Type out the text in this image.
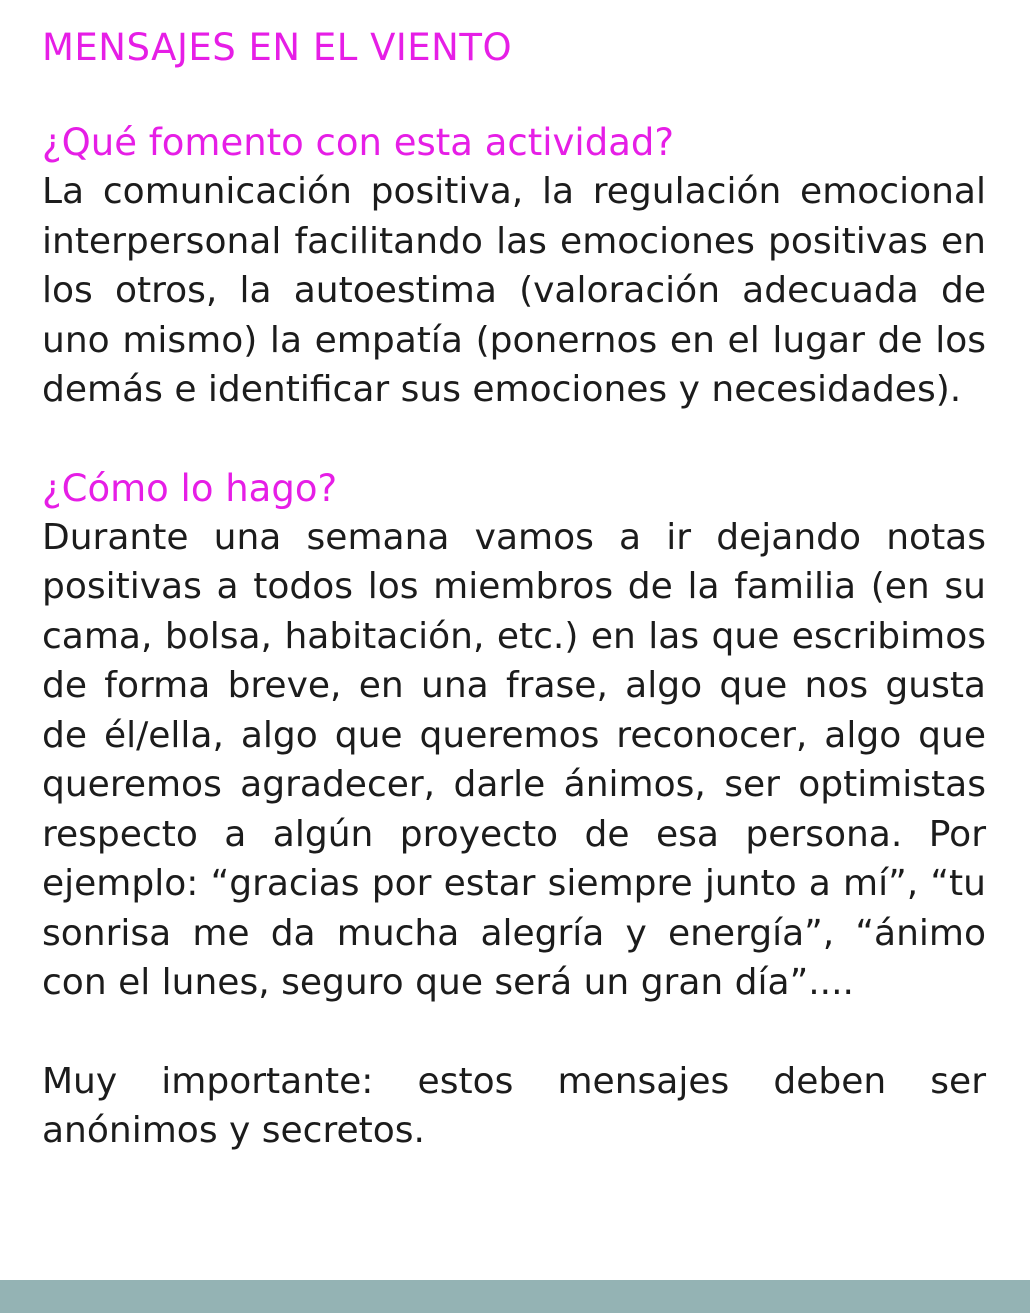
MENSAJES EN EL VIENTO
¿Qué fomento con esta actividad?

La comunicación positiva, la regulación emocional interpersonal facilitando las emociones positivas en los otros, la autoestima (valoración adecuada de uno mismo) la empatía (ponernos en el lugar de los demás e identificar sus emociones y necesidades).

¿Cómo lo hago?

Durante una semana vamos a ir dejando notas positivas a todos los miembros de la familia (en su cama, bolsa, habitación, etc.) en las que escribimos de forma breve, en una frase, algo que nos gusta de él/ella, algo que queremos reconocer, algo que queremos agradecer, darle ánimos, ser optimistas respecto a algún proyecto de esa persona. Por ejemplo: “gracias por estar siempre junto a mí”, “tu sonrisa me da mucha alegría y energía”, “ánimo con el lunes, seguro que será un gran día”....

Muy importante: estos mensajes deben ser anónimos y secretos.
